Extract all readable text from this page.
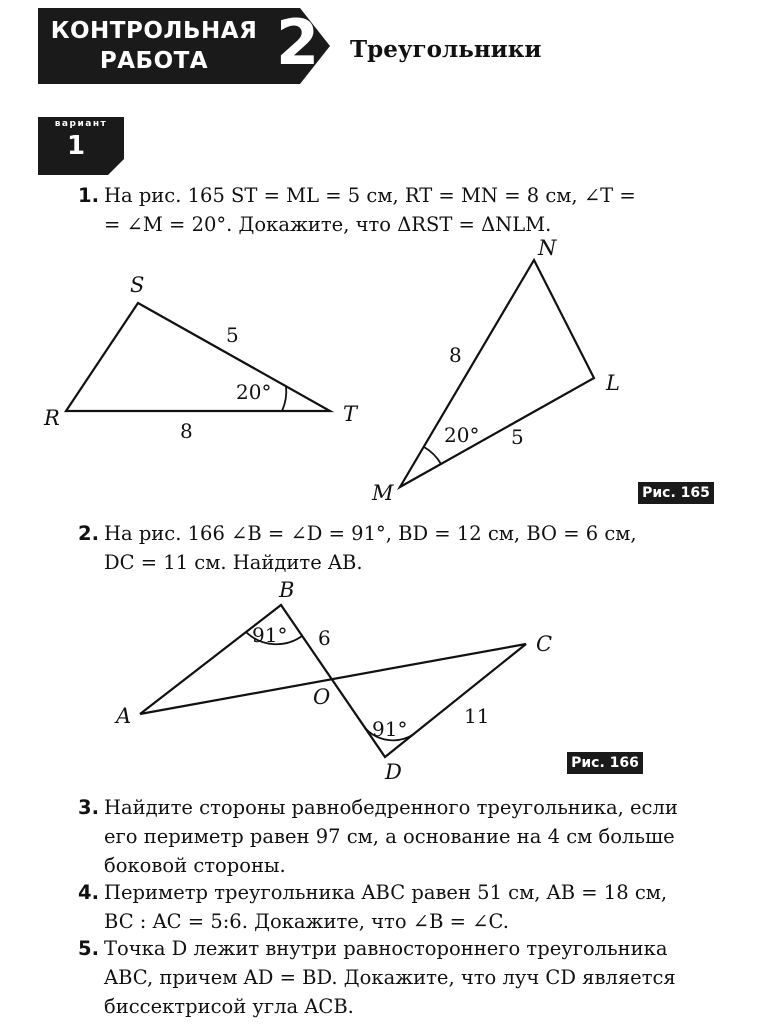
КОНТРОЛЬНАЯ
РАБОТА	2 Треугольники
вариант
1
1. На рис. 165 ST = ML = 5 см, RT = MN = 8 см, ∠T =
= ∠M = 20°. Докажите, что ΔRST = ΔNLM.
S
R	T
5
8
20°
N
L
M
8
5
20°
Рис. 165
2. На рис. 166 ∠B = ∠D = 91°, BD = 12 см, BO = 6 см,
DC = 11 см. Найдите AB.
B
A
C
D
O
91°
91°
6
11
Рис. 166
3. Найдите стороны равнобедренного треугольника, если
его периметр равен 97 см, а основание на 4 см больше
боковой стороны.
4. Периметр треугольника ABC равен 51 см, AB = 18 см,
BC : AC = 5:6. Докажите, что ∠B = ∠C.
5. Точка D лежит внутри равностороннего треугольника
ABC, причем AD = BD. Докажите, что луч CD является
биссектрисой угла ACB.
